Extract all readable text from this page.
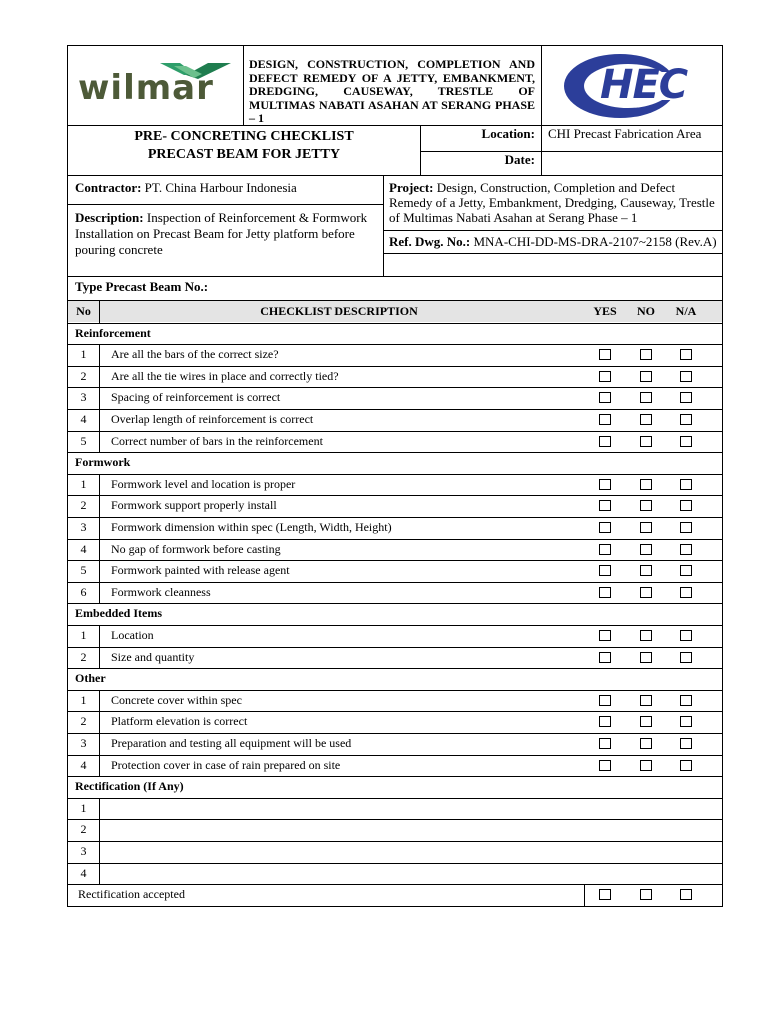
wilmar
DESIGN, CONSTRUCTION, COMPLETION AND DEFECT REMEDY OF A JETTY, EMBANKMENT, DREDGING, CAUSEWAY, TRESTLE OF MULTIMAS NABATI ASAHAN AT SERANG PHASE – 1
HEC
PRE- CONCRETING CHECKLIST
PRECAST BEAM FOR JETTY
Location: CHI Precast Fabrication Area
Date:
Contractor: PT. China Harbour Indonesia
Description: Inspection of Reinforcement & Formwork Installation on Precast Beam for Jetty platform before pouring concrete
Project: Design, Construction, Completion and Defect Remedy of a Jetty, Embankment, Dredging, Causeway, Trestle of Multimas Nabati Asahan at Serang Phase – 1
Ref. Dwg. No.: MNA-CHI-DD-MS-DRA-2107~2158 (Rev.A)
Type Precast Beam No.:
No	CHECKLIST DESCRIPTION	YES	NO	N/A
Reinforcement
1	Are all the bars of the correct size?
2	Are all the tie wires in place and correctly tied?
3	Spacing of reinforcement is correct
4	Overlap length of reinforcement is correct
5	Correct number of bars in the reinforcement
Formwork
1	Formwork level and location is proper
2	Formwork support properly install
3	Formwork dimension within spec (Length, Width, Height)
4	No gap of formwork before casting
5	Formwork painted with release agent
6	Formwork cleanness
Embedded Items
1	Location
2	Size and quantity
Other
1	Concrete cover within spec
2	Platform elevation is correct
3	Preparation and testing all equipment will be used
4	Protection cover in case of rain prepared on site
Rectification (If Any)
1
2
3
4
Rectification accepted
